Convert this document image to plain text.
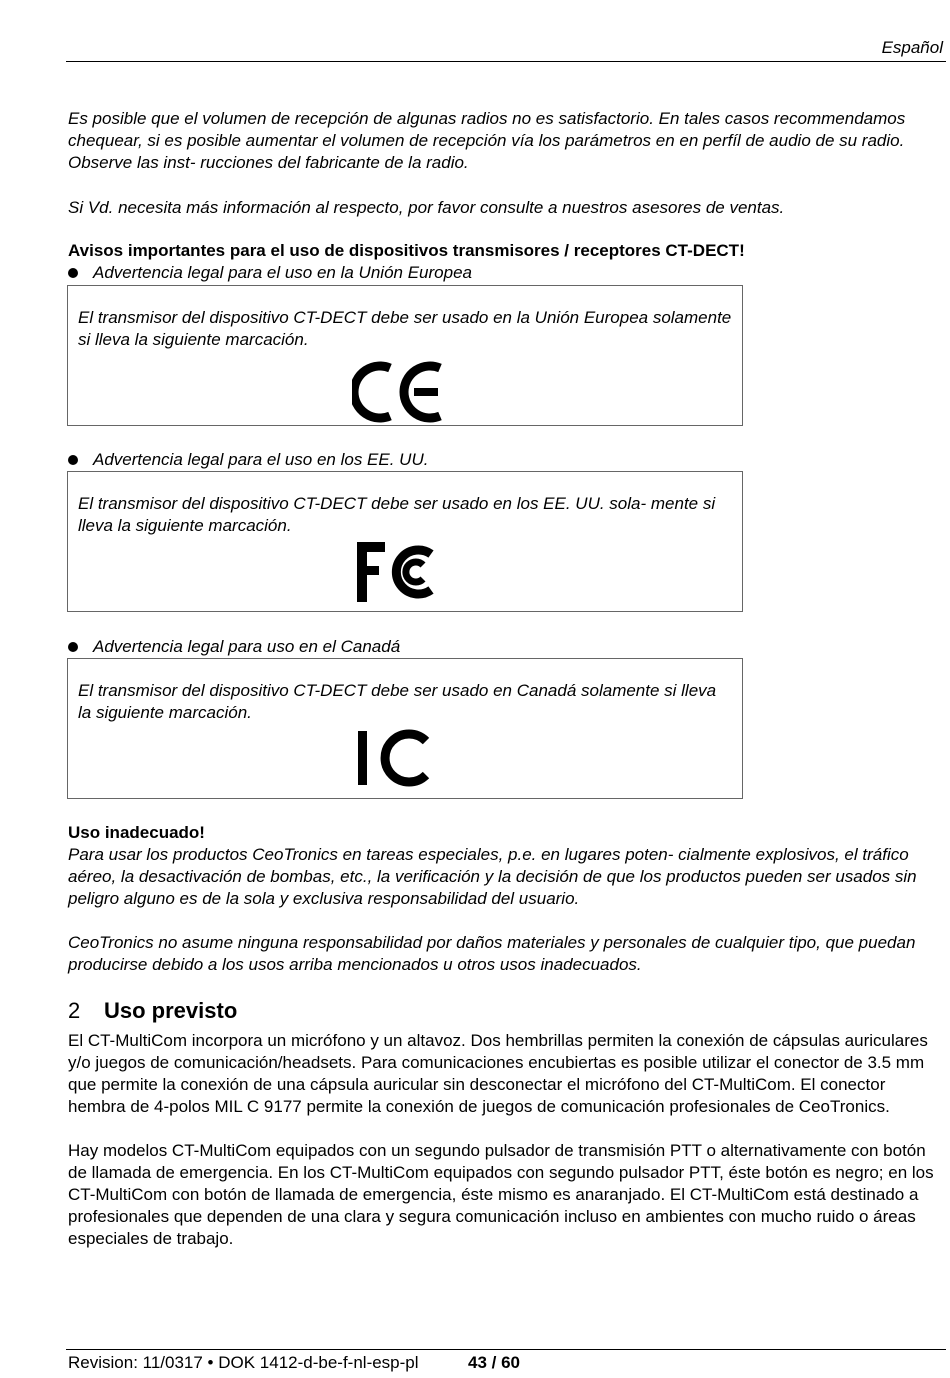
Español
Es posible que el volumen de recepción de algunas radios no es satisfactorio. En tales casos recommendamos chequear, si es posible aumentar el volumen de recepción vía los parámetros en en perfíl de audio de su radio. Observe las inst- rucciones del fabricante de la radio.
Si Vd. necesita más información al respecto, por favor consulte a nuestros asesores de ventas.
Avisos importantes para el uso de dispositivos transmisores / receptores CT-DECT!
Advertencia legal para el uso en la Unión Europea
El transmisor del dispositivo CT-DECT debe ser usado en la Unión Europea solamente si lleva la siguiente marcación.
Advertencia legal para el uso en los EE. UU.
El transmisor del dispositivo CT-DECT debe ser usado en los EE. UU. sola- mente si lleva la siguiente marcación.
Advertencia legal para uso en el Canadá
El transmisor del dispositivo CT-DECT debe ser usado en Canadá solamente si lleva la siguiente marcación.
Uso inadecuado!
Para usar los productos CeoTronics en tareas especiales, p.e. en lugares poten- cialmente explosivos, el tráfico aéreo, la desactivación de bombas, etc., la verificación y la decisión de que los productos pueden ser usados sin peligro alguno es de la sola y exclusiva responsabilidad del usuario.
CeoTronics no asume ninguna responsabilidad por daños materiales y personales de cualquier tipo, que puedan producirse debido a los usos arriba mencionados u otros usos inadecuados.
2 Uso previsto
El CT-MultiCom incorpora un micrófono y un altavoz. Dos hembrillas permiten la conexión de cápsulas auriculares y/o juegos de comunicación/headsets. Para comunicaciones encubiertas es posible utilizar el conector de 3.5 mm que permite la conexión de una cápsula auricular sin desconectar el micrófono del CT-MultiCom. El conector hembra de 4-polos MIL C 9177 permite la conexión de juegos de comunicación profesionales de CeoTronics.
Hay modelos CT-MultiCom equipados con un segundo pulsador de transmisión PTT o alternativamente con botón de llamada de emergencia. En los CT-MultiCom equipados con segundo pulsador PTT, éste botón es negro; en los CT-MultiCom con botón de llamada de emergencia, éste mismo es anaranjado. El CT-MultiCom está destinado a profesionales que dependen de una clara y segura comunicación incluso en ambientes con mucho ruido o áreas especiales de trabajo.
Revision: 11/0317 • DOK 1412-d-be-f-nl-esp-pl	43 / 60
